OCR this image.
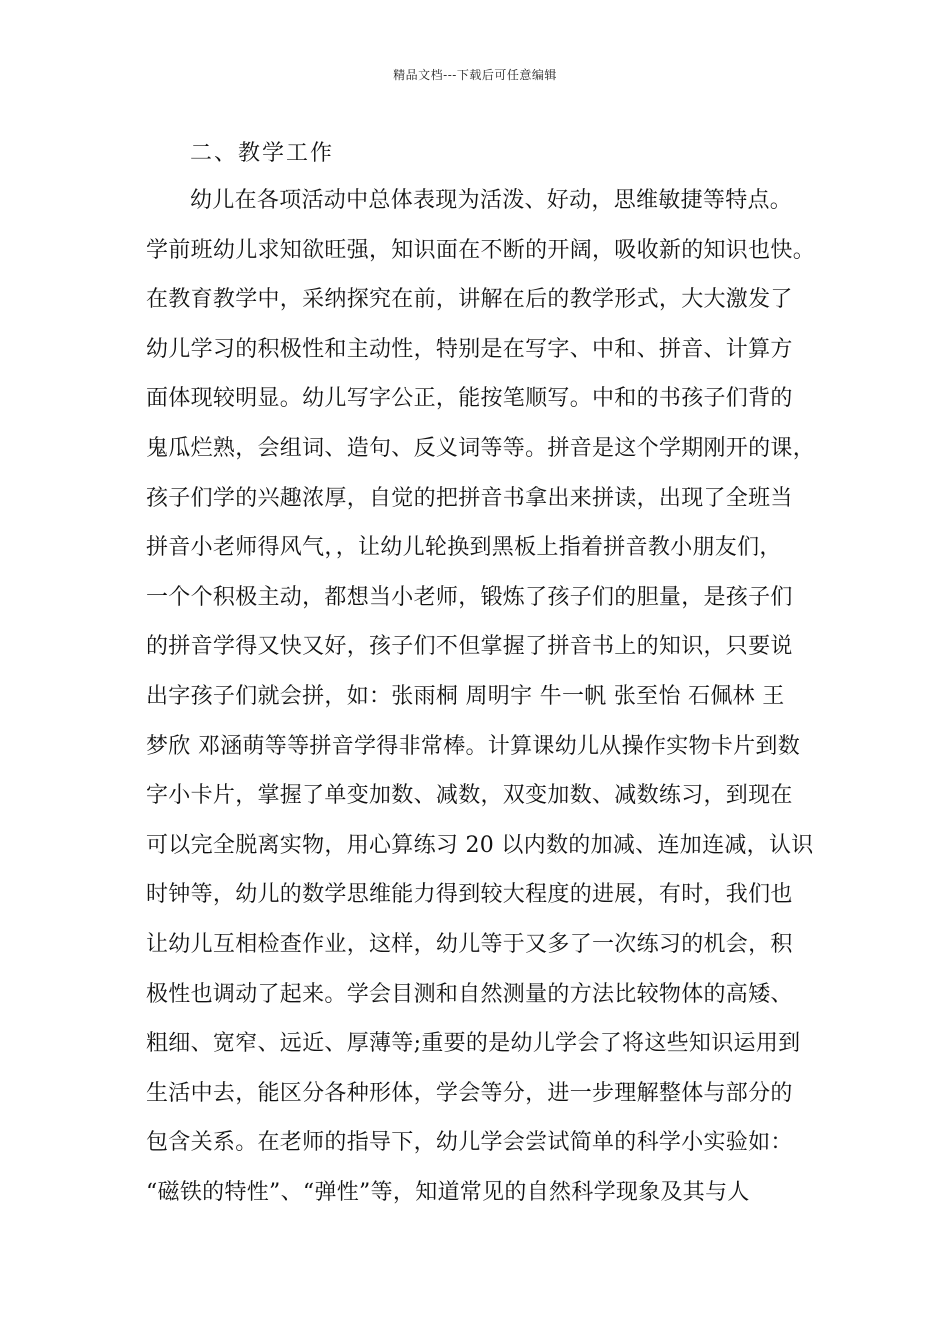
精品文档---下载后可任意编辑
二、教学工作
幼儿在各项活动中总体表现为活泼、好动，思维敏捷等特点。
学前班幼儿求知欲旺强，知识面在不断的开阔，吸收新的知识也快。
在教育教学中，采纳探究在前，讲解在后的教学形式，大大激发了
幼儿学习的积极性和主动性，特别是在写字、中和、拼音、计算方
面体现较明显。幼儿写字公正，能按笔顺写。中和的书孩子们背的
鬼瓜烂熟，会组词、造句、反义词等等。拼音是这个学期刚开的课，
孩子们学的兴趣浓厚，自觉的把拼音书拿出来拼读，出现了全班当
拼音小老师得风气，，让幼儿轮换到黑板上指着拼音教小朋友们，
一个个积极主动，都想当小老师，锻炼了孩子们的胆量，是孩子们
的拼音学得又快又好，孩子们不但掌握了拼音书上的知识，只要说
出字孩子们就会拼，如：张雨桐 周明宇 牛一帆 张至怡 石佩林 王
梦欣 邓涵萌等等拼音学得非常棒。计算课幼儿从操作实物卡片到数
字小卡片，掌握了单变加数、减数，双变加数、减数练习，到现在
可以完全脱离实物，用心算练习 20 以内数的加减、连加连减，认识
时钟等，幼儿的数学思维能力得到较大程度的进展，有时，我们也
让幼儿互相检查作业，这样，幼儿等于又多了一次练习的机会，积
极性也调动了起来。学会目测和自然测量的方法比较物体的高矮、
粗细、宽窄、远近、厚薄等;重要的是幼儿学会了将这些知识运用到
生活中去，能区分各种形体，学会等分，进一步理解整体与部分的
包含关系。在老师的指导下，幼儿学会尝试简单的科学小实验如：
“磁铁的特性”、“弹性”等，知道常见的自然科学现象及其与人
